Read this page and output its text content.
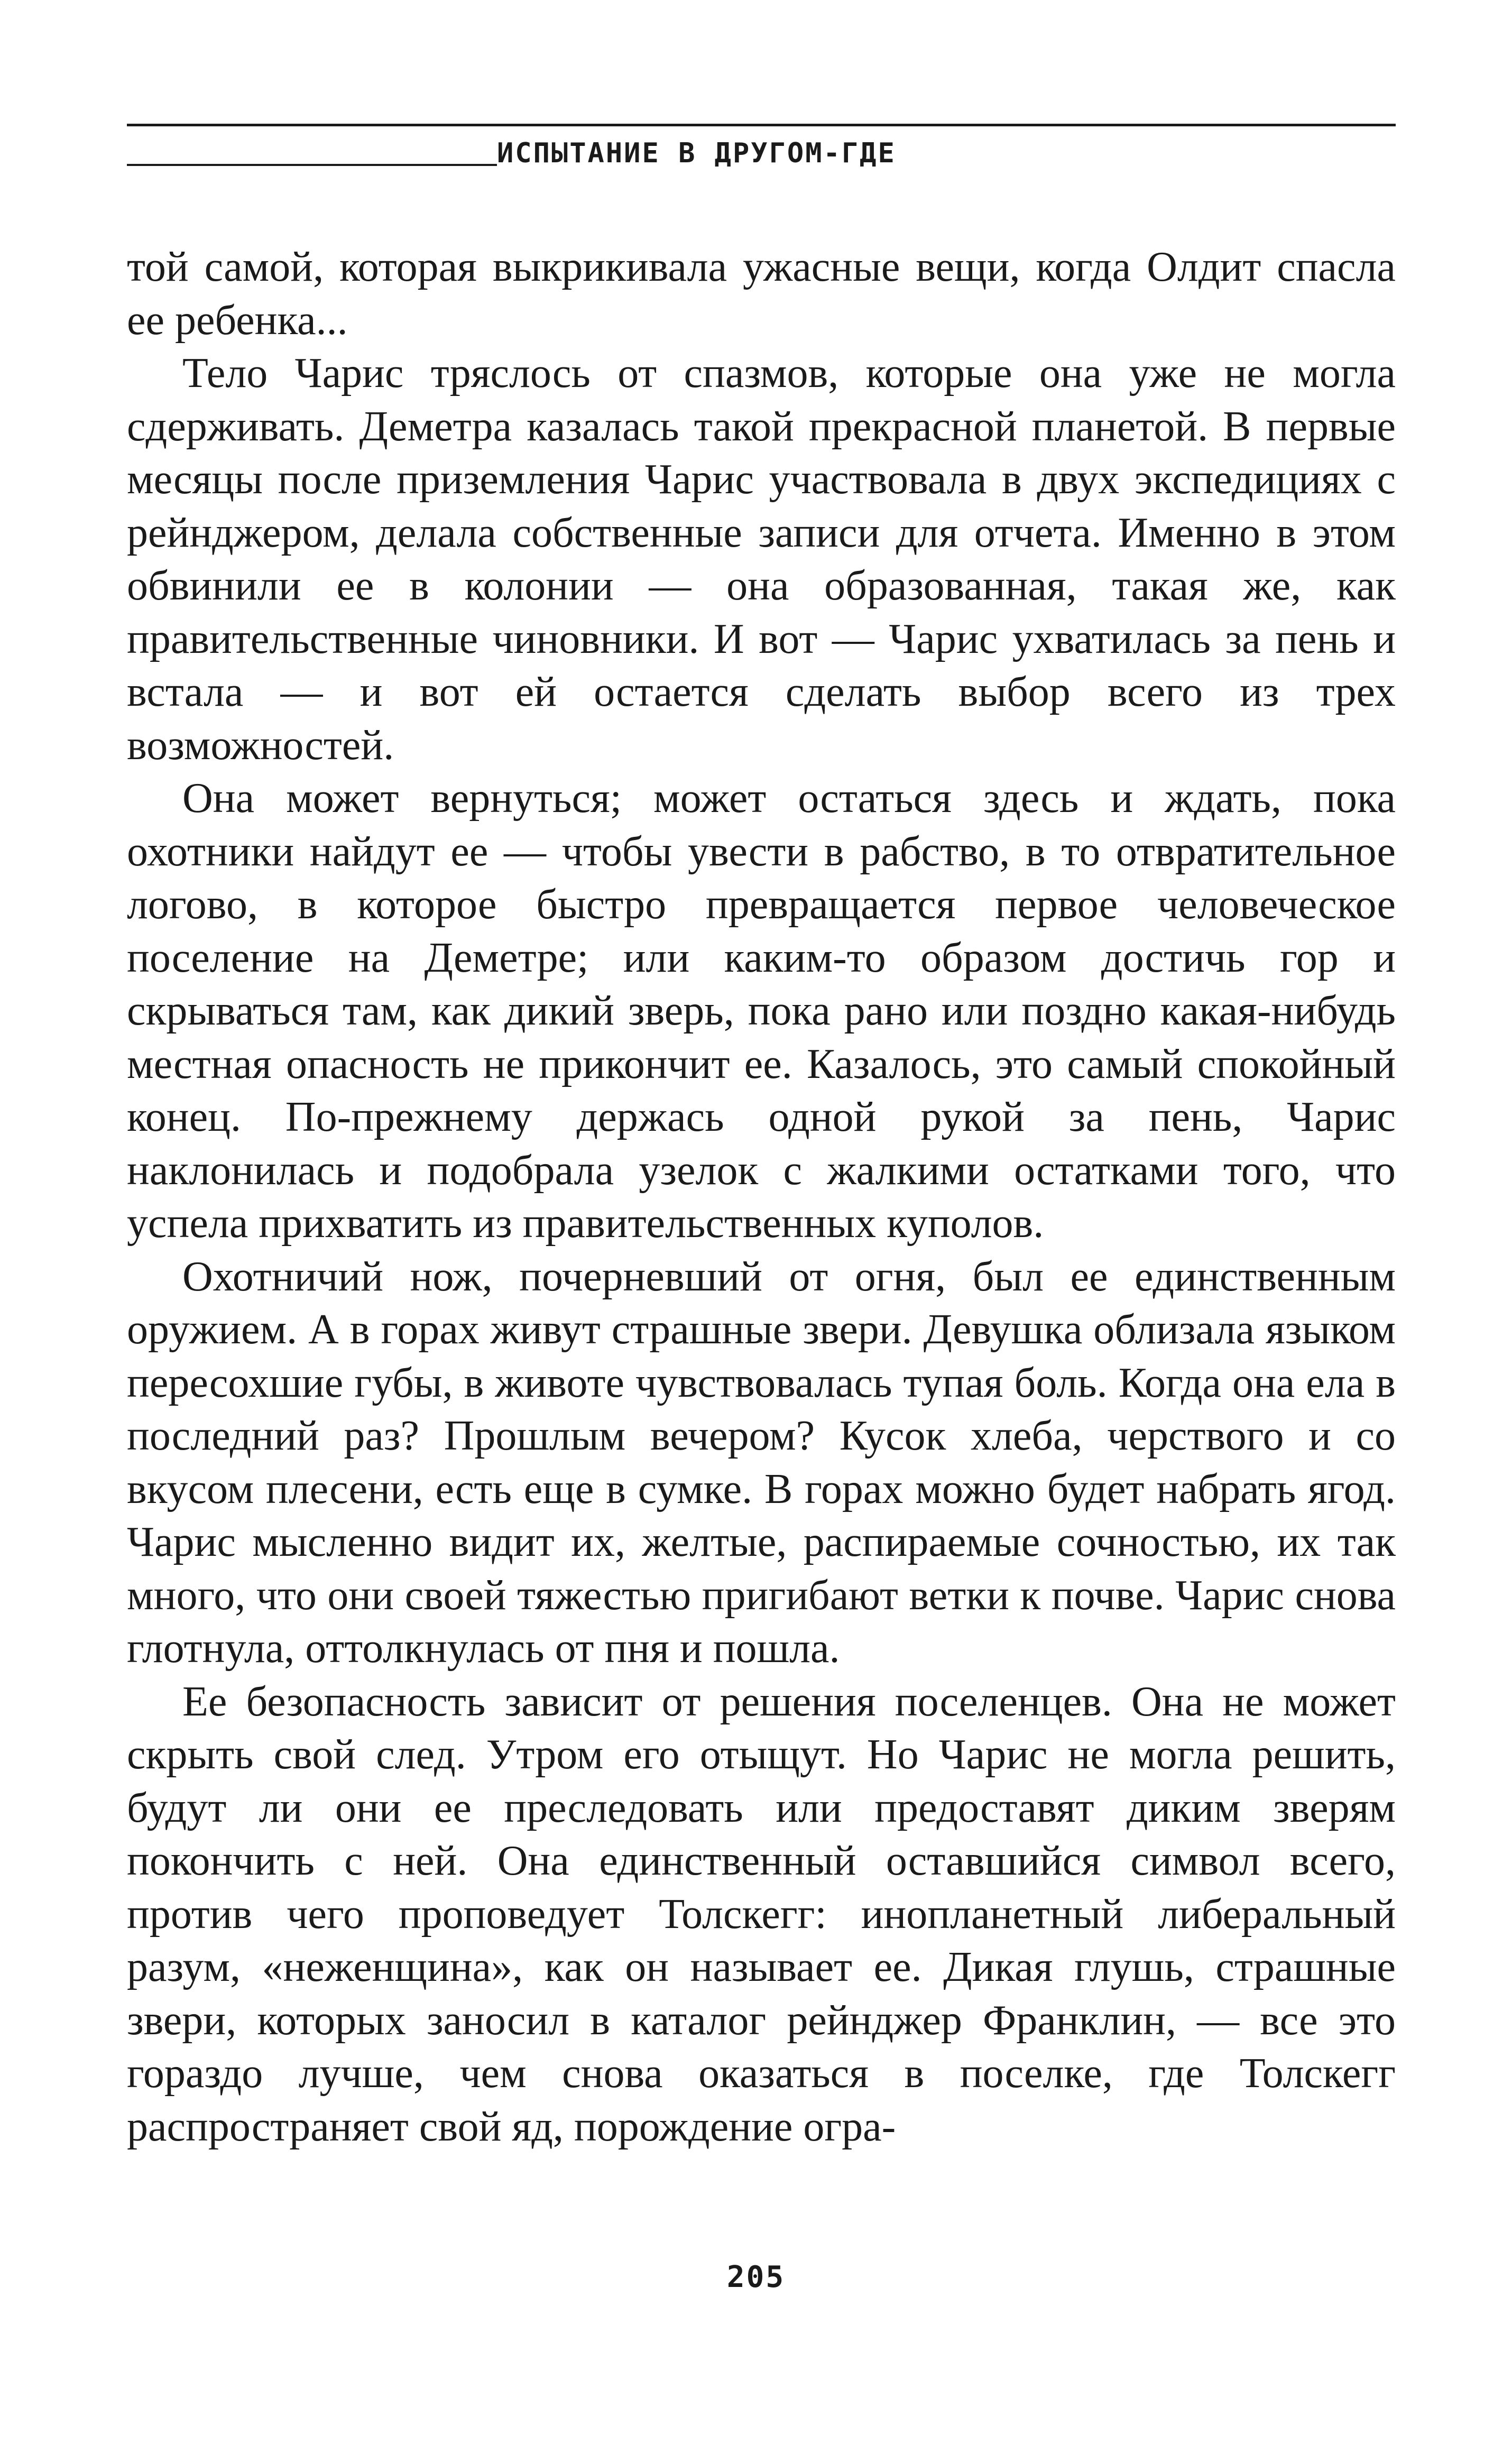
ИСПЫТАНИЕ В ДРУГОМ-ГДЕ

той самой, которая выкрикивала ужасные вещи, когда Олдит спасла ее ребенка...

Тело Чарис тряслось от спазмов, которые она уже не могла сдерживать. Деметра казалась такой прекрасной планетой. В первые месяцы после приземления Чарис участвовала в двух экспедициях с рейнджером, делала собственные записи для отчета. Именно в этом обвинили ее в колонии — она образованная, такая же, как правительственные чиновники. И вот — Чарис ухватилась за пень и встала — и вот ей остается сделать выбор всего из трех возможностей.

Она может вернуться; может остаться здесь и ждать, пока охотники найдут ее — чтобы увести в рабство, в то отвратительное логово, в которое быстро превращается первое человеческое поселение на Деметре; или каким-то образом достичь гор и скрываться там, как дикий зверь, пока рано или поздно какая-нибудь местная опасность не прикончит ее. Казалось, это самый спокойный конец. По-прежнему держась одной рукой за пень, Чарис наклонилась и подобрала узелок с жалкими остатками того, что успела прихватить из правительственных куполов.

Охотничий нож, почерневший от огня, был ее единственным оружием. А в горах живут страшные звери. Девушка облизала языком пересохшие губы, в животе чувствовалась тупая боль. Когда она ела в последний раз? Прошлым вечером? Кусок хлеба, черствого и со вкусом плесени, есть еще в сумке. В горах можно будет набрать ягод. Чарис мысленно видит их, желтые, распираемые сочностью, их так много, что они своей тяжестью пригибают ветки к почве. Чарис снова глотнула, оттолкнулась от пня и пошла.

Ее безопасность зависит от решения поселенцев. Она не может скрыть свой след. Утром его отыщут. Но Чарис не могла решить, будут ли они ее преследовать или предоставят диким зверям покончить с ней. Она единственный оставшийся символ всего, против чего проповедует Толскегг: инопланетный либеральный разум, «неженщина», как он называет ее. Дикая глушь, страшные звери, которых заносил в каталог рейнджер Франклин, — все это гораздо лучше, чем снова оказаться в поселке, где Толскегг распространяет свой яд, порождение огра-

205
